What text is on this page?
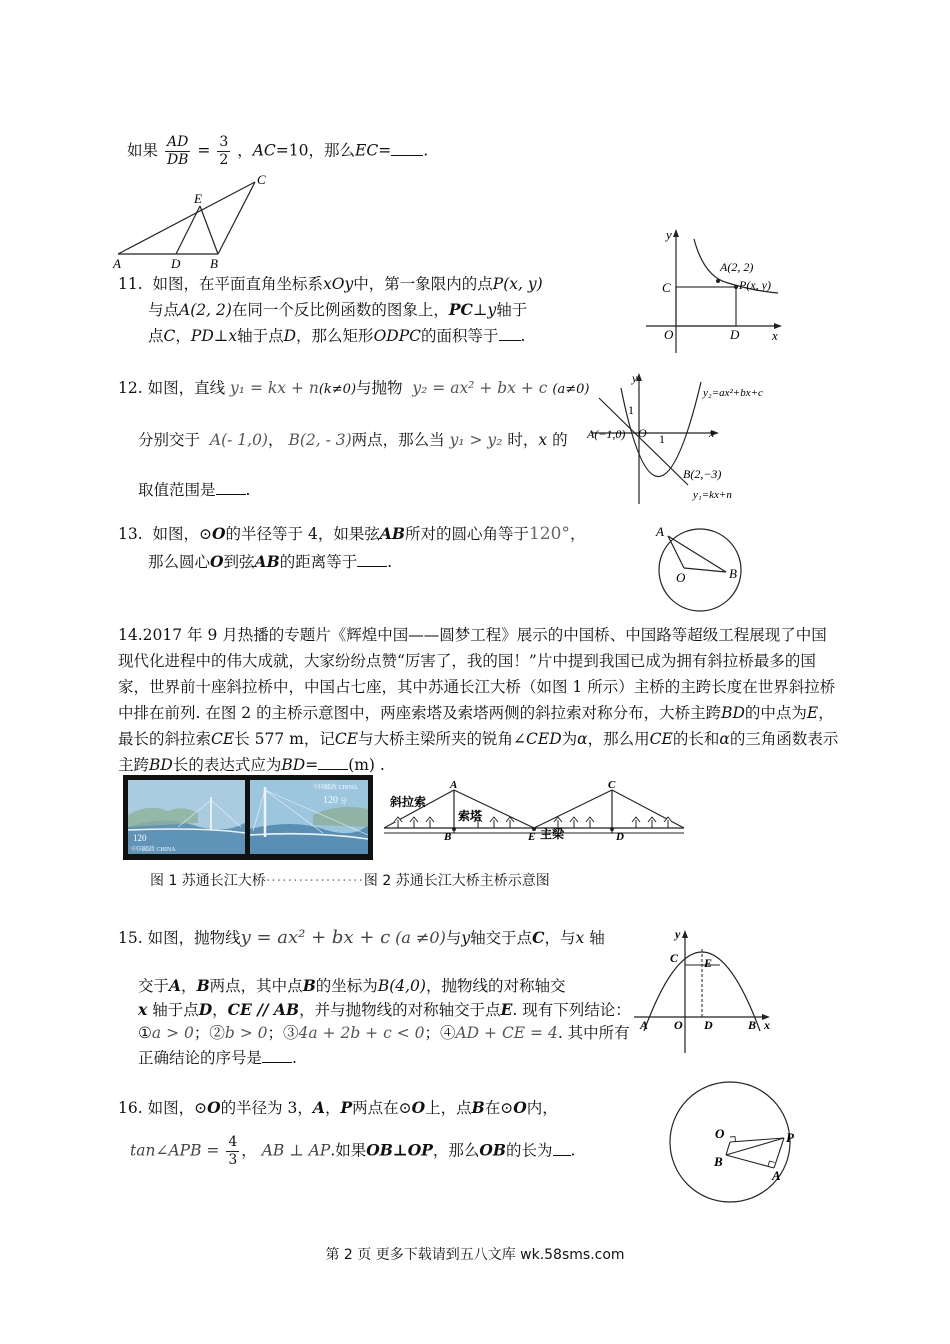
如果 $\frac{AD}{DB} = \frac{3}{2}$ ，AC=10，那么EC= .
A	D B
E
C
11. 如图，在平面直角坐标系xOy中，第一象限内的点P(x, y)
与点A(2, 2)在同一个反比例函数的图象上，PC⊥y轴于
点C，PD⊥x轴于点D，那么矩形ODPC的面积等于 .
y
x
O
C
D
A(2, 2)
P(x, y)
12. 如图，直线 y₁ = kx + n(k≠0)与抛物 y₂ = ax² + bx + c (a≠0)
分别交于 A(- 1,0)， B(2, - 3)两点，那么当 y₁ > y₂ 时，x 的
取值范围是 .
y
1
x
O 1
A(−1,0)
B(2,−3)
y₂=ax²+bx+c
y₁=kx+n
13. 如图，⊙O的半径等于 4，如果弦AB所对的圆心角等于120°，
那么圆心O到弦AB的距离等于 .
A
O	B
14.2017 年 9 月热播的专题片《辉煌中国——圆梦工程》展示的中国桥、中国路等超级工程展现了中国现代化进程中的伟大成就，大家纷纷点赞“厉害了，我的国！”片中提到我国已成为拥有斜拉桥最多的国家，世界前十座斜拉桥中，中国占七座，其中苏通长江大桥（如图 1 所示）主桥的主跨长度在世界斜拉桥中排在前列. 在图 2 的主桥示意图中，两座索塔及索塔两侧的斜拉索对称分布，大桥主跨BD的中点为E，最长的斜拉索CE长 577 m，记CE与大桥主梁所夹的锐角∠CED为α，那么用CE的长和α的三角函数表示主跨BD长的表达式应为BD= (m) .
120
120 分
中国邮政 CHINA
中国邮政 CHINA
斜拉索
索塔
主梁
A
B
C
D
E
图 1 苏通长江大桥··················图 2 苏通长江大桥主桥示意图
15. 如图，抛物线y = ax² + bx + c (a ≠0)与y轴交于点C，与x 轴
交于A，B两点，其中点B的坐标为B(4,0)，抛物线的对称轴交
x 轴于点D，CE // AB，并与抛物线的对称轴交于点E. 现有下列结论：
①a > 0；②b > 0；③4a + 2b + c < 0；④AD + CE = 4. 其中所有
正确结论的序号是 .
y
x
C E
A O D	B
16. 如图，⊙O的半径为 3，A，P两点在⊙O上，点B在⊙O内，
tan∠APB = $\frac{4}{3}$ ， AB ⊥ AP.如果OB⊥OP，那么OB的长为 .
O	P
B
A
第 2 页 更多下载请到五八文库 wk.58sms.com
